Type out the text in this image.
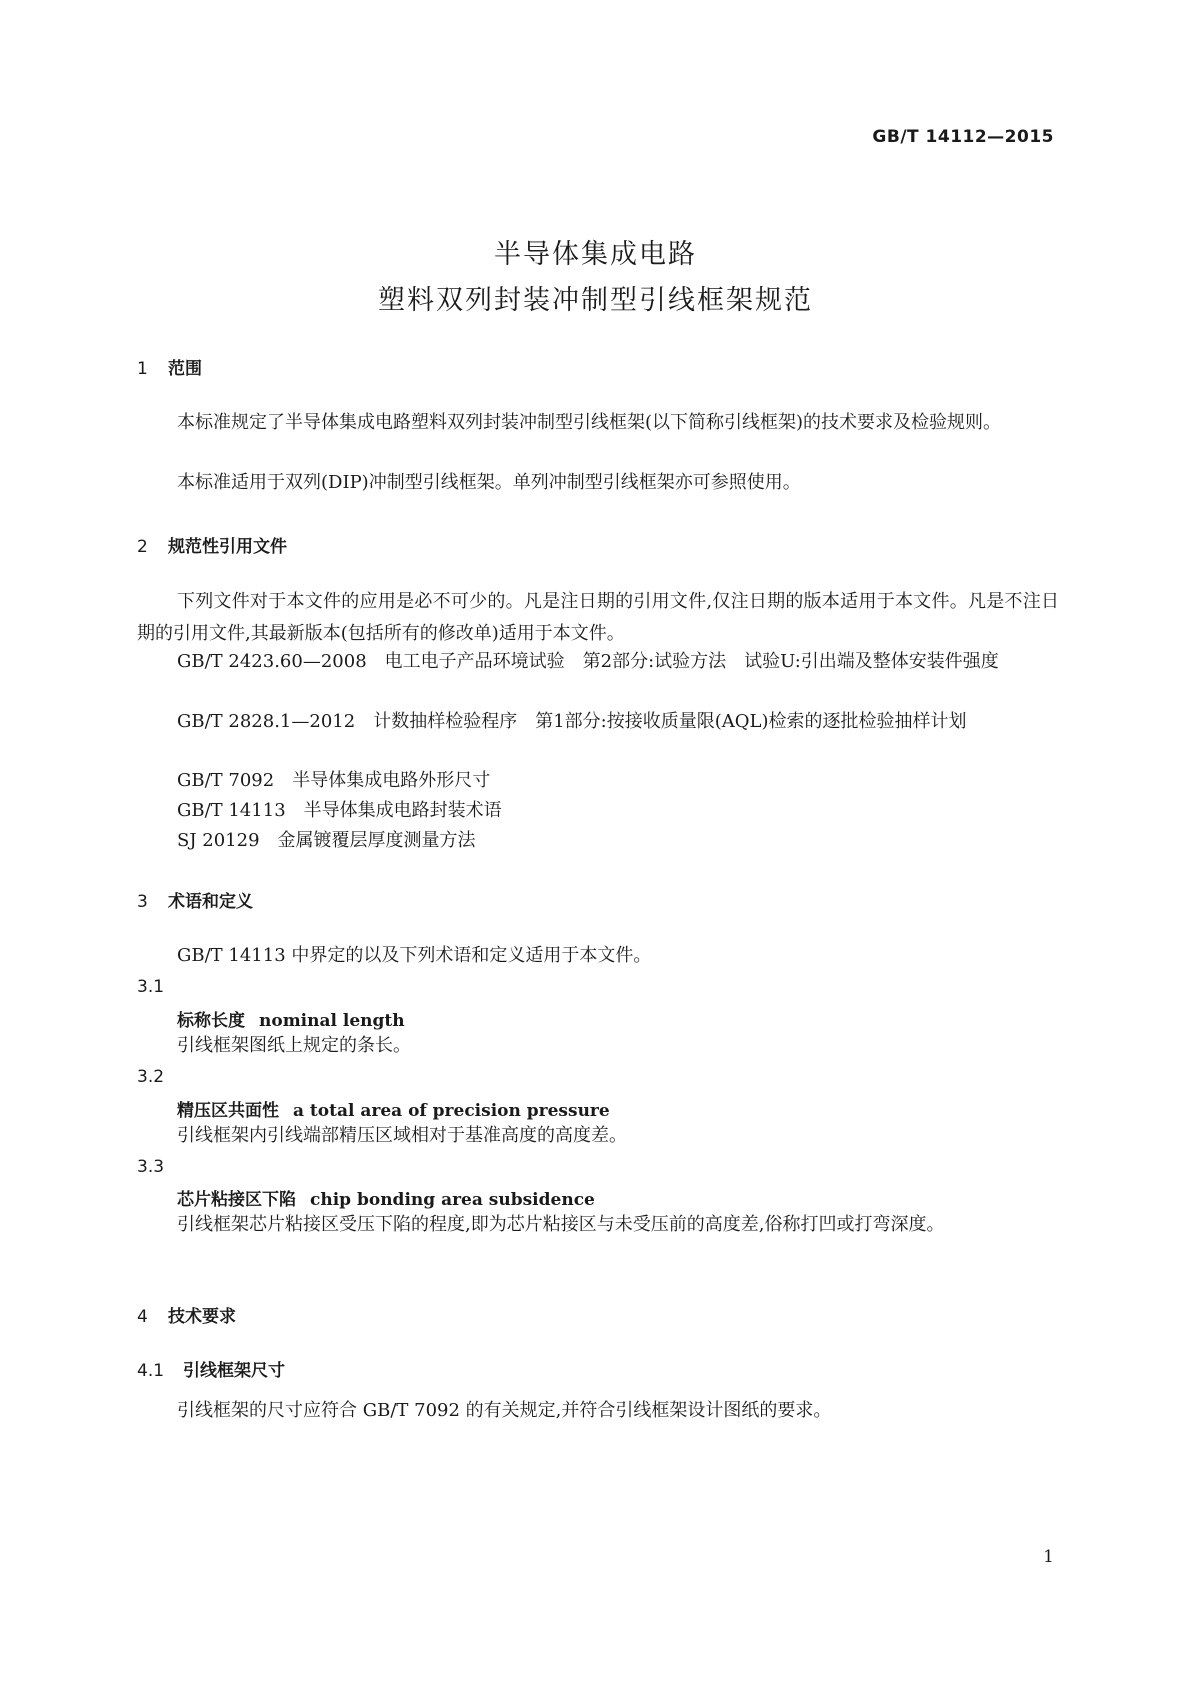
GB/T 14112—2015
半导体集成电路
塑料双列封装冲制型引线框架规范
1 范围
本标准规定了半导体集成电路塑料双列封装冲制型引线框架(以下简称引线框架)的技术要求及检验规则。
本标准适用于双列(DIP)冲制型引线框架。单列冲制型引线框架亦可参照使用。
2 规范性引用文件
下列文件对于本文件的应用是必不可少的。凡是注日期的引用文件,仅注日期的版本适用于本文件。凡是不注日期的引用文件,其最新版本(包括所有的修改单)适用于本文件。
GB/T 2423.60—2008 电工电子产品环境试验　第2部分:试验方法　试验U:引出端及整体安装件强度
GB/T 2828.1—2012 计数抽样检验程序　第1部分:按接收质量限(AQL)检索的逐批检验抽样计划
GB/T 7092 半导体集成电路外形尺寸
GB/T 14113 半导体集成电路封装术语
SJ 20129 金属镀覆层厚度测量方法
3 术语和定义
GB/T 14113 中界定的以及下列术语和定义适用于本文件。
3.1
标称长度 nominal length
引线框架图纸上规定的条长。
3.2
精压区共面性 a total area of precision pressure
引线框架内引线端部精压区域相对于基准高度的高度差。
3.3
芯片粘接区下陷 chip bonding area subsidence
引线框架芯片粘接区受压下陷的程度,即为芯片粘接区与未受压前的高度差,俗称打凹或打弯深度。
4 技术要求
4.1 引线框架尺寸
引线框架的尺寸应符合 GB/T 7092 的有关规定,并符合引线框架设计图纸的要求。
1
